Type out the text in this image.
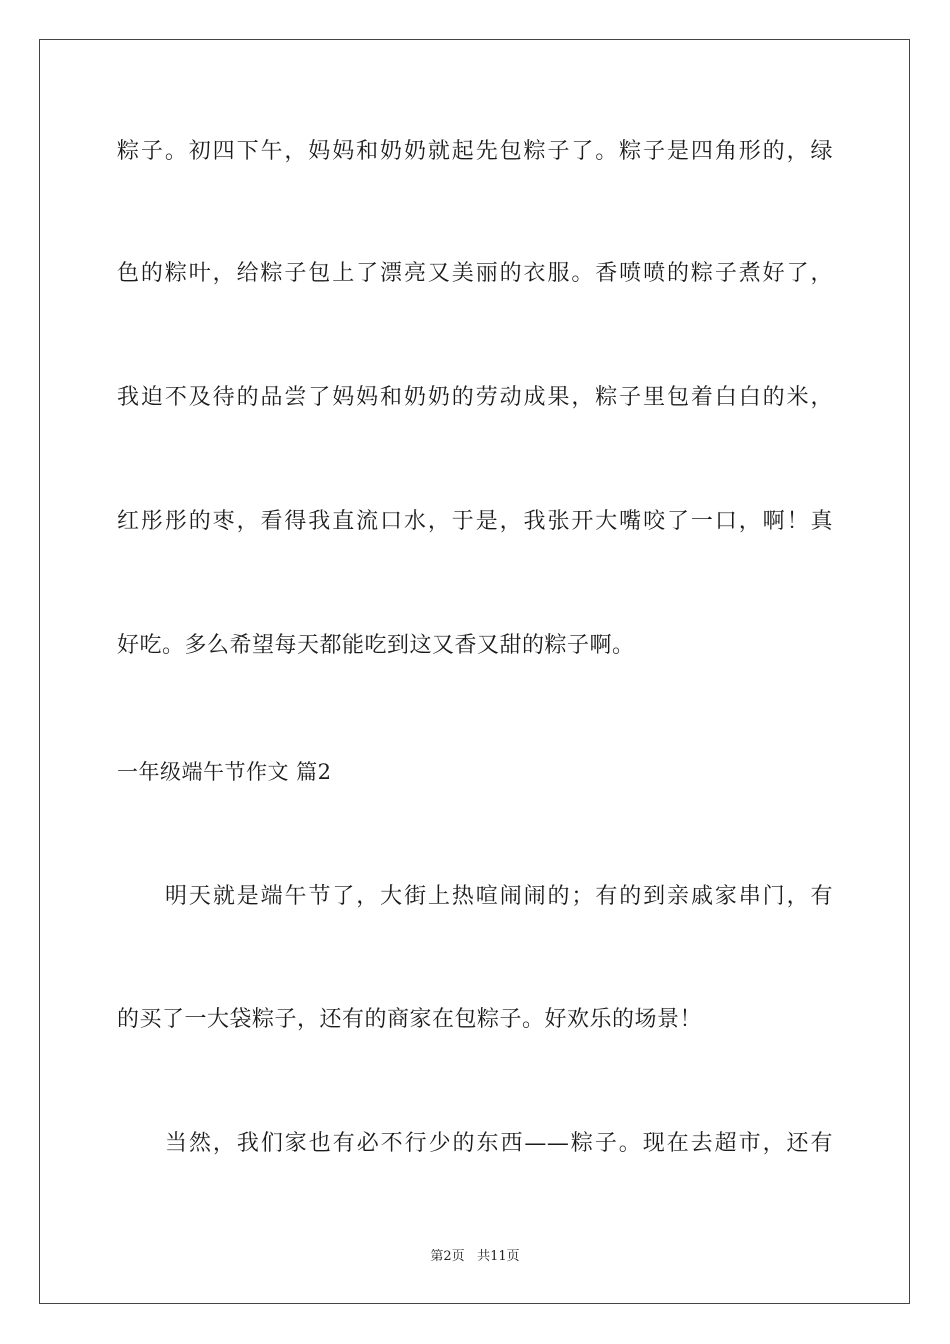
粽子。初四下午，妈妈和奶奶就起先包粽子了。粽子是四角形的，绿
色的粽叶，给粽子包上了漂亮又美丽的衣服。香喷喷的粽子煮好了，
我迫不及待的品尝了妈妈和奶奶的劳动成果，粽子里包着白白的米，
红彤彤的枣，看得我直流口水，于是，我张开大嘴咬了一口，啊！真
好吃。多么希望每天都能吃到这又香又甜的粽子啊。
一年级端午节作文 篇2
明天就是端午节了，大街上热喧闹闹的；有的到亲戚家串门，有
的买了一大袋粽子，还有的商家在包粽子。好欢乐的场景！
当然，我们家也有必不行少的东西——粽子。现在去超市，还有
第2页 共11页
